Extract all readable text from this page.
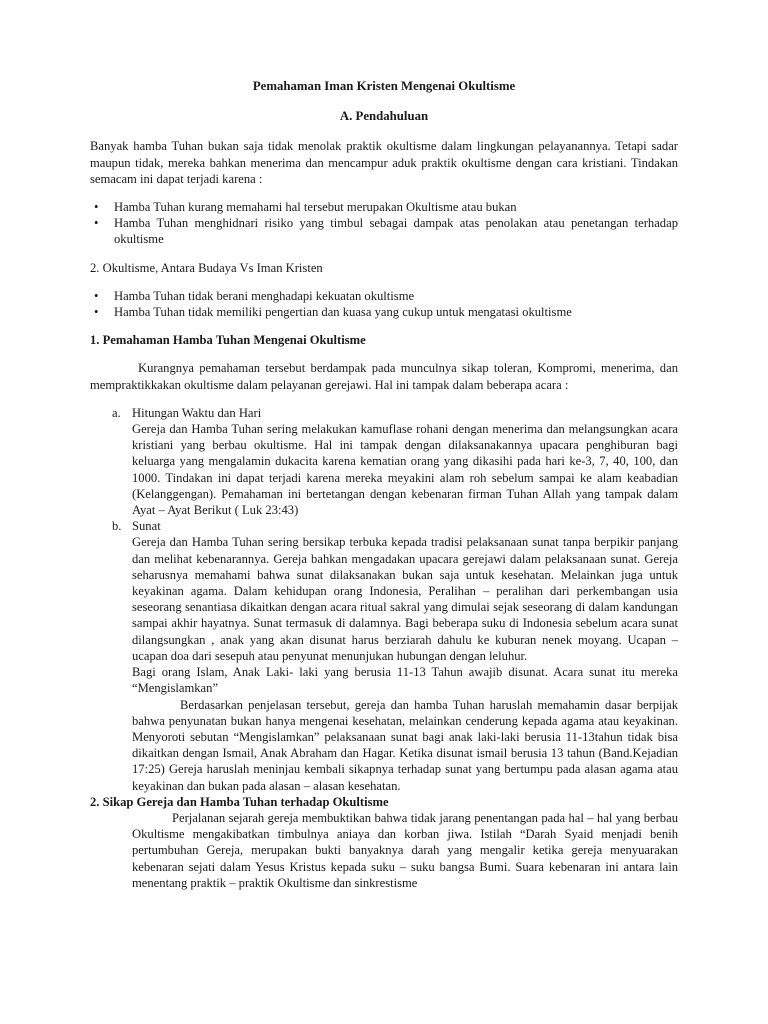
Pemahaman Iman Kristen Mengenai Okultisme
A. Pendahuluan

Banyak hamba Tuhan bukan saja tidak menolak praktik okultisme dalam lingkungan pelayanannya. Tetapi sadar maupun tidak, mereka bahkan menerima dan mencampur aduk praktik okultisme dengan cara kristiani. Tindakan semacam ini dapat terjadi karena :

• Hamba Tuhan kurang memahami hal tersebut merupakan Okultisme atau bukan
• Hamba Tuhan menghidnari risiko yang timbul sebagai dampak atas penolakan atau penetangan terhadap okultisme

2. Okultisme, Antara Budaya Vs Iman Kristen

• Hamba Tuhan tidak berani menghadapi kekuatan okultisme
• Hamba Tuhan tidak memiliki pengertian dan kuasa yang cukup untuk mengatasi okultisme
1. Pemahaman Hamba Tuhan Mengenai Okultisme

Kurangnya pemahaman tersebut berdampak pada munculnya sikap toleran, Kompromi, menerima, dan mempraktikkakan okultisme dalam pelayanan gerejawi. Hal ini tampak dalam beberapa acara :

a. Hitungan Waktu dan Hari

Gereja dan Hamba Tuhan sering melakukan kamuflase rohani dengan menerima dan melangsungkan acara kristiani yang berbau okultisme. Hal ini tampak dengan dilaksanakannya upacara penghiburan bagi keluarga yang mengalamin dukacita karena kematian orang yang dikasihi pada hari ke-3, 7, 40, 100, dan 1000. Tindakan ini dapat terjadi karena mereka meyakini alam roh sebelum sampai ke alam keabadian (Kelanggengan). Pemahaman ini bertetangan dengan kebenaran firman Tuhan Allah yang tampak dalam Ayat – Ayat Berikut ( Luk 23:43)

b. Sunat

Gereja dan Hamba Tuhan sering bersikap terbuka kepada tradisi pelaksanaan sunat tanpa berpikir panjang dan melihat kebenarannya. Gereja bahkan mengadakan upacara gerejawi dalam pelaksanaan sunat. Gereja seharusnya memahami bahwa sunat dilaksanakan bukan saja untuk kesehatan. Melainkan juga untuk keyakinan agama. Dalam kehidupan orang Indonesia, Peralihan – peralihan dari perkembangan usia seseorang senantiasa dikaitkan dengan acara ritual sakral yang dimulai sejak seseorang di dalam kandungan sampai akhir hayatnya. Sunat termasuk di dalamnya. Bagi beberapa suku di Indonesia sebelum acara sunat dilangsungkan , anak yang akan disunat harus berziarah dahulu ke kuburan nenek moyang. Ucapan – ucapan doa dari sesepuh atau penyunat menunjukan hubungan dengan leluhur.

Bagi orang Islam, Anak Laki- laki yang berusia 11-13 Tahun awajib disunat. Acara sunat itu mereka “Mengislamkan”

Berdasarkan penjelasan tersebut, gereja dan hamba Tuhan haruslah memahamin dasar berpijak bahwa penyunatan bukan hanya mengenai kesehatan, melainkan cenderung kepada agama atau keyakinan. Menyoroti sebutan “Mengislamkan” pelaksanaan sunat bagi anak laki-laki berusia 11-13tahun tidak bisa dikaitkan dengan Ismail, Anak Abraham dan Hagar. Ketika disunat ismail berusia 13 tahun (Band.Kejadian 17:25) Gereja haruslah meninjau kembali sikapnya terhadap sunat yang bertumpu pada alasan agama atau keyakinan dan bukan pada alasan – alasan kesehatan.

2. Sikap Gereja dan Hamba Tuhan terhadap Okultisme

Perjalanan sejarah gereja membuktikan bahwa tidak jarang penentangan pada hal – hal yang berbau Okultisme mengakibatkan timbulnya aniaya dan korban jiwa. Istilah “Darah Syaid menjadi benih pertumbuhan Gereja, merupakan bukti banyaknya darah yang mengalir ketika gereja menyuarakan kebenaran sejati dalam Yesus Kristus kepada suku – suku bangsa Bumi. Suara kebenaran ini antara lain menentang praktik – praktik Okultisme dan sinkrestisme
